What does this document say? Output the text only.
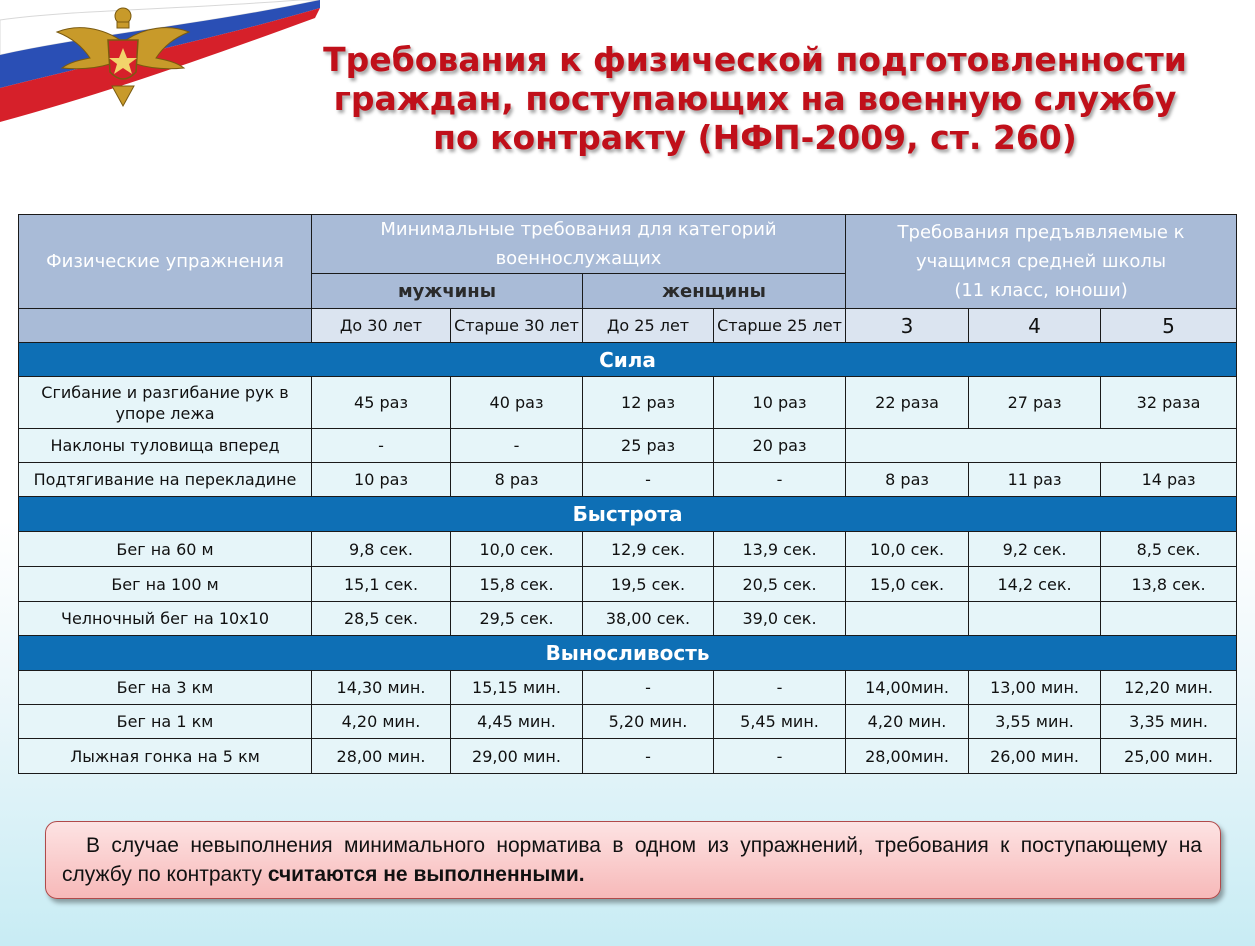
Требования к физической подготовленности
граждан, поступающих на военную службу
по контракту (НФП-2009, ст. 260)
Физические упражнения	Минимальные требования для категорий военнослужащих				Требования предъявляемые к
учащимся средней школы
(11 класс, юноши)		

	мужчины		женщины				
	До 30 лет	Старше 30 лет	До 25 лет	Старше 25 лет	3	4	5
Сила							
Сгибание и разгибание рук в упоре лежа	45 раз	40 раз	12 раз	10 раз	22 раза	27 раз	32 раза
Наклоны туловища вперед	-	-	25 раз	20 раз			
Подтягивание на перекладине	10 раз	8 раз	-	-	8 раз	11 раз	14 раз
Быстрота							
Бег на 60 м	9,8 сек.	10,0 сек.	12,9 сек.	13,9 сек.	10,0 сек.	9,2 сек.	8,5 сек.
Бег на 100 м	15,1 сек.	15,8 сек.	19,5 сек.	20,5 сек.	15,0 сек.	14,2 сек.	13,8 сек.
Челночный бег на 10х10	28,5 сек.	29,5 сек.	38,00 сек.	39,0 сек.			
Выносливость							
Бег на 3 км	14,30 мин.	15,15 мин.	-	-	14,00мин.	13,00 мин.	12,20 мин.
Бег на 1 км	4,20 мин.	4,45 мин.	5,20 мин.	5,45 мин.	4,20 мин.	3,55 мин.	3,35 мин.
Лыжная гонка на 5 км	28,00 мин.	29,00 мин.	-	-	28,00мин.	26,00 мин.	25,00 мин.
В случае невыполнения минимального норматива в одном из упражнений, требования к поступающему на службу по контракту считаются не выполненными.
